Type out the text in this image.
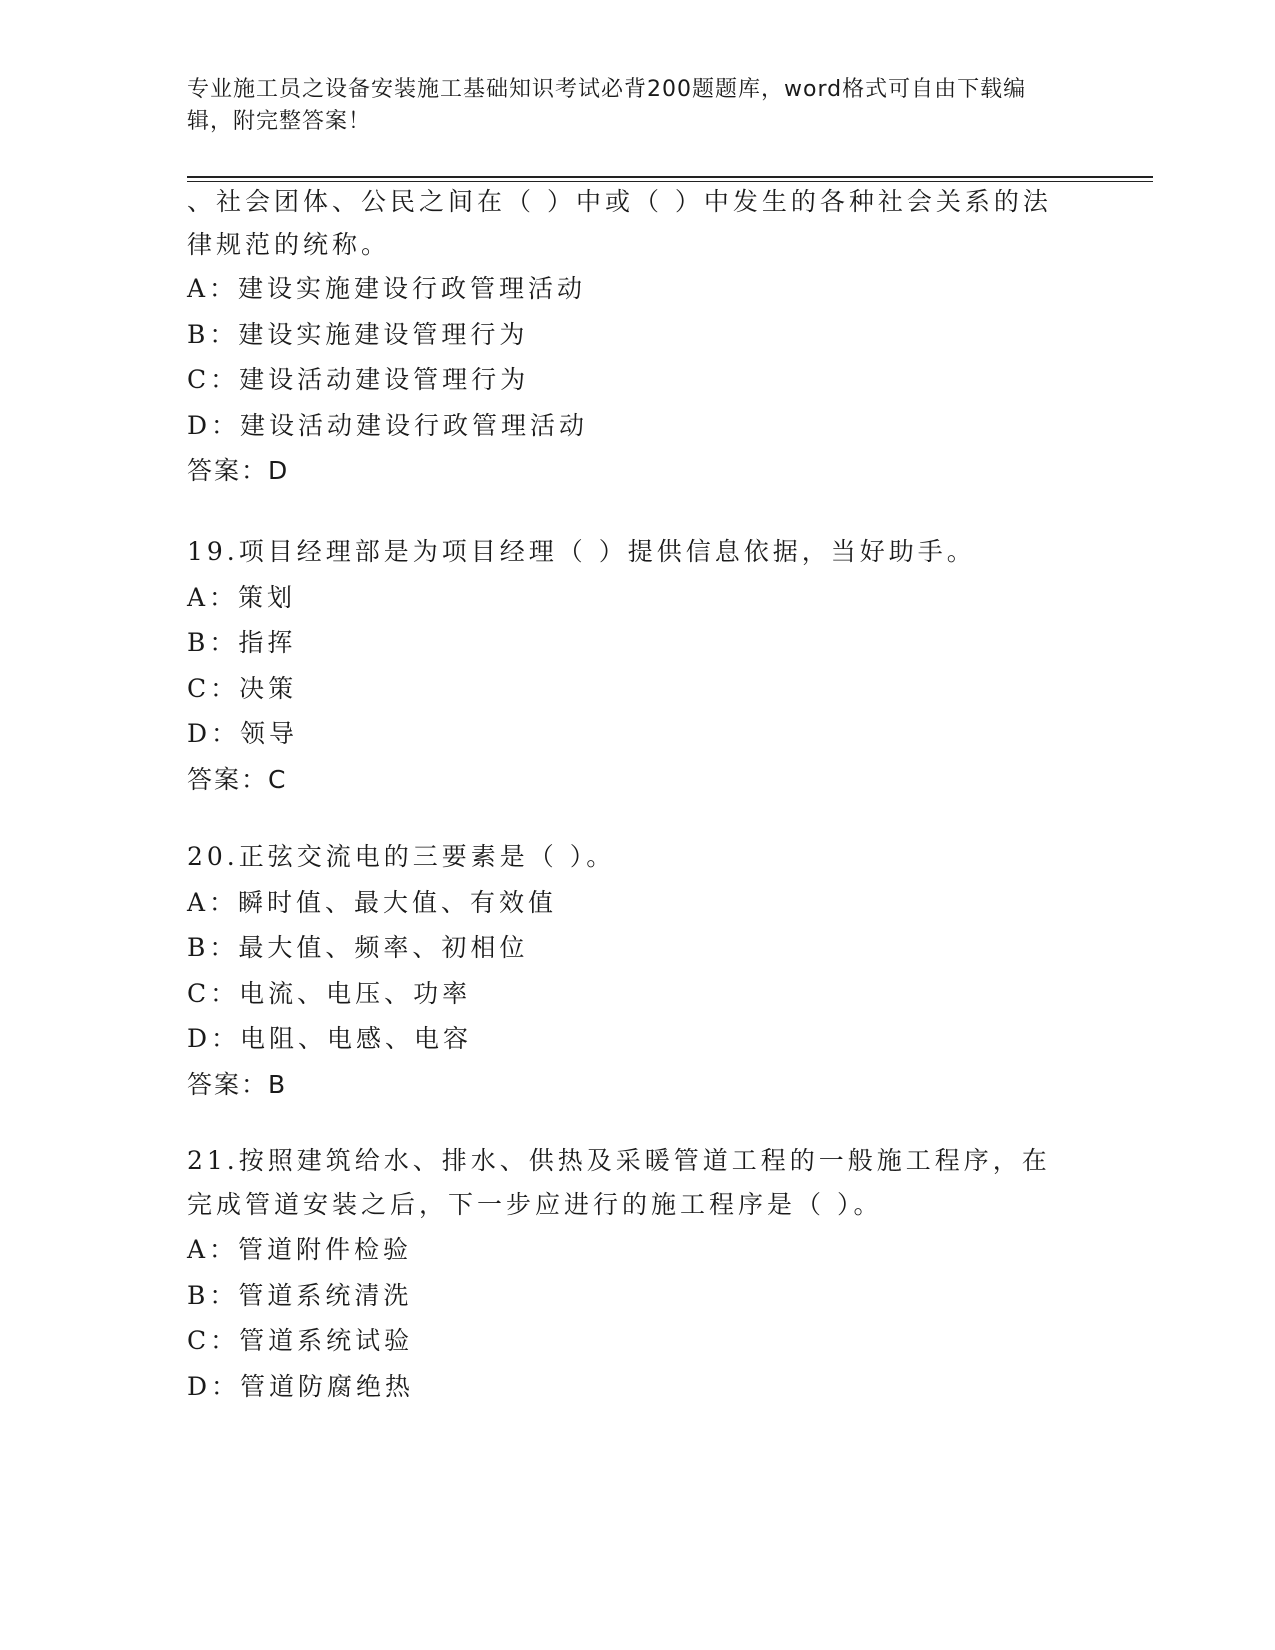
专业施工员之设备安装施工基础知识考试必背200题题库，word格式可自由下载编辑，附完整答案！
、社会团体、公民之间在（ ）中或（ ）中发生的各种社会关系的法律规范的统称。
A：建设实施建设行政管理活动
B：建设实施建设管理行为
C：建设活动建设管理行为
D：建设活动建设行政管理活动
答案：D
19.项目经理部是为项目经理（ ）提供信息依据，当好助手。
A：策划
B：指挥
C：决策
D：领导
答案：C
20.正弦交流电的三要素是（ ）。
A：瞬时值、最大值、有效值
B：最大值、频率、初相位
C：电流、电压、功率
D：电阻、电感、电容
答案：B
21.按照建筑给水、排水、供热及采暖管道工程的一般施工程序，在完成管道安装之后，下一步应进行的施工程序是（ ）。
A：管道附件检验
B：管道系统清洗
C：管道系统试验
D：管道防腐绝热
